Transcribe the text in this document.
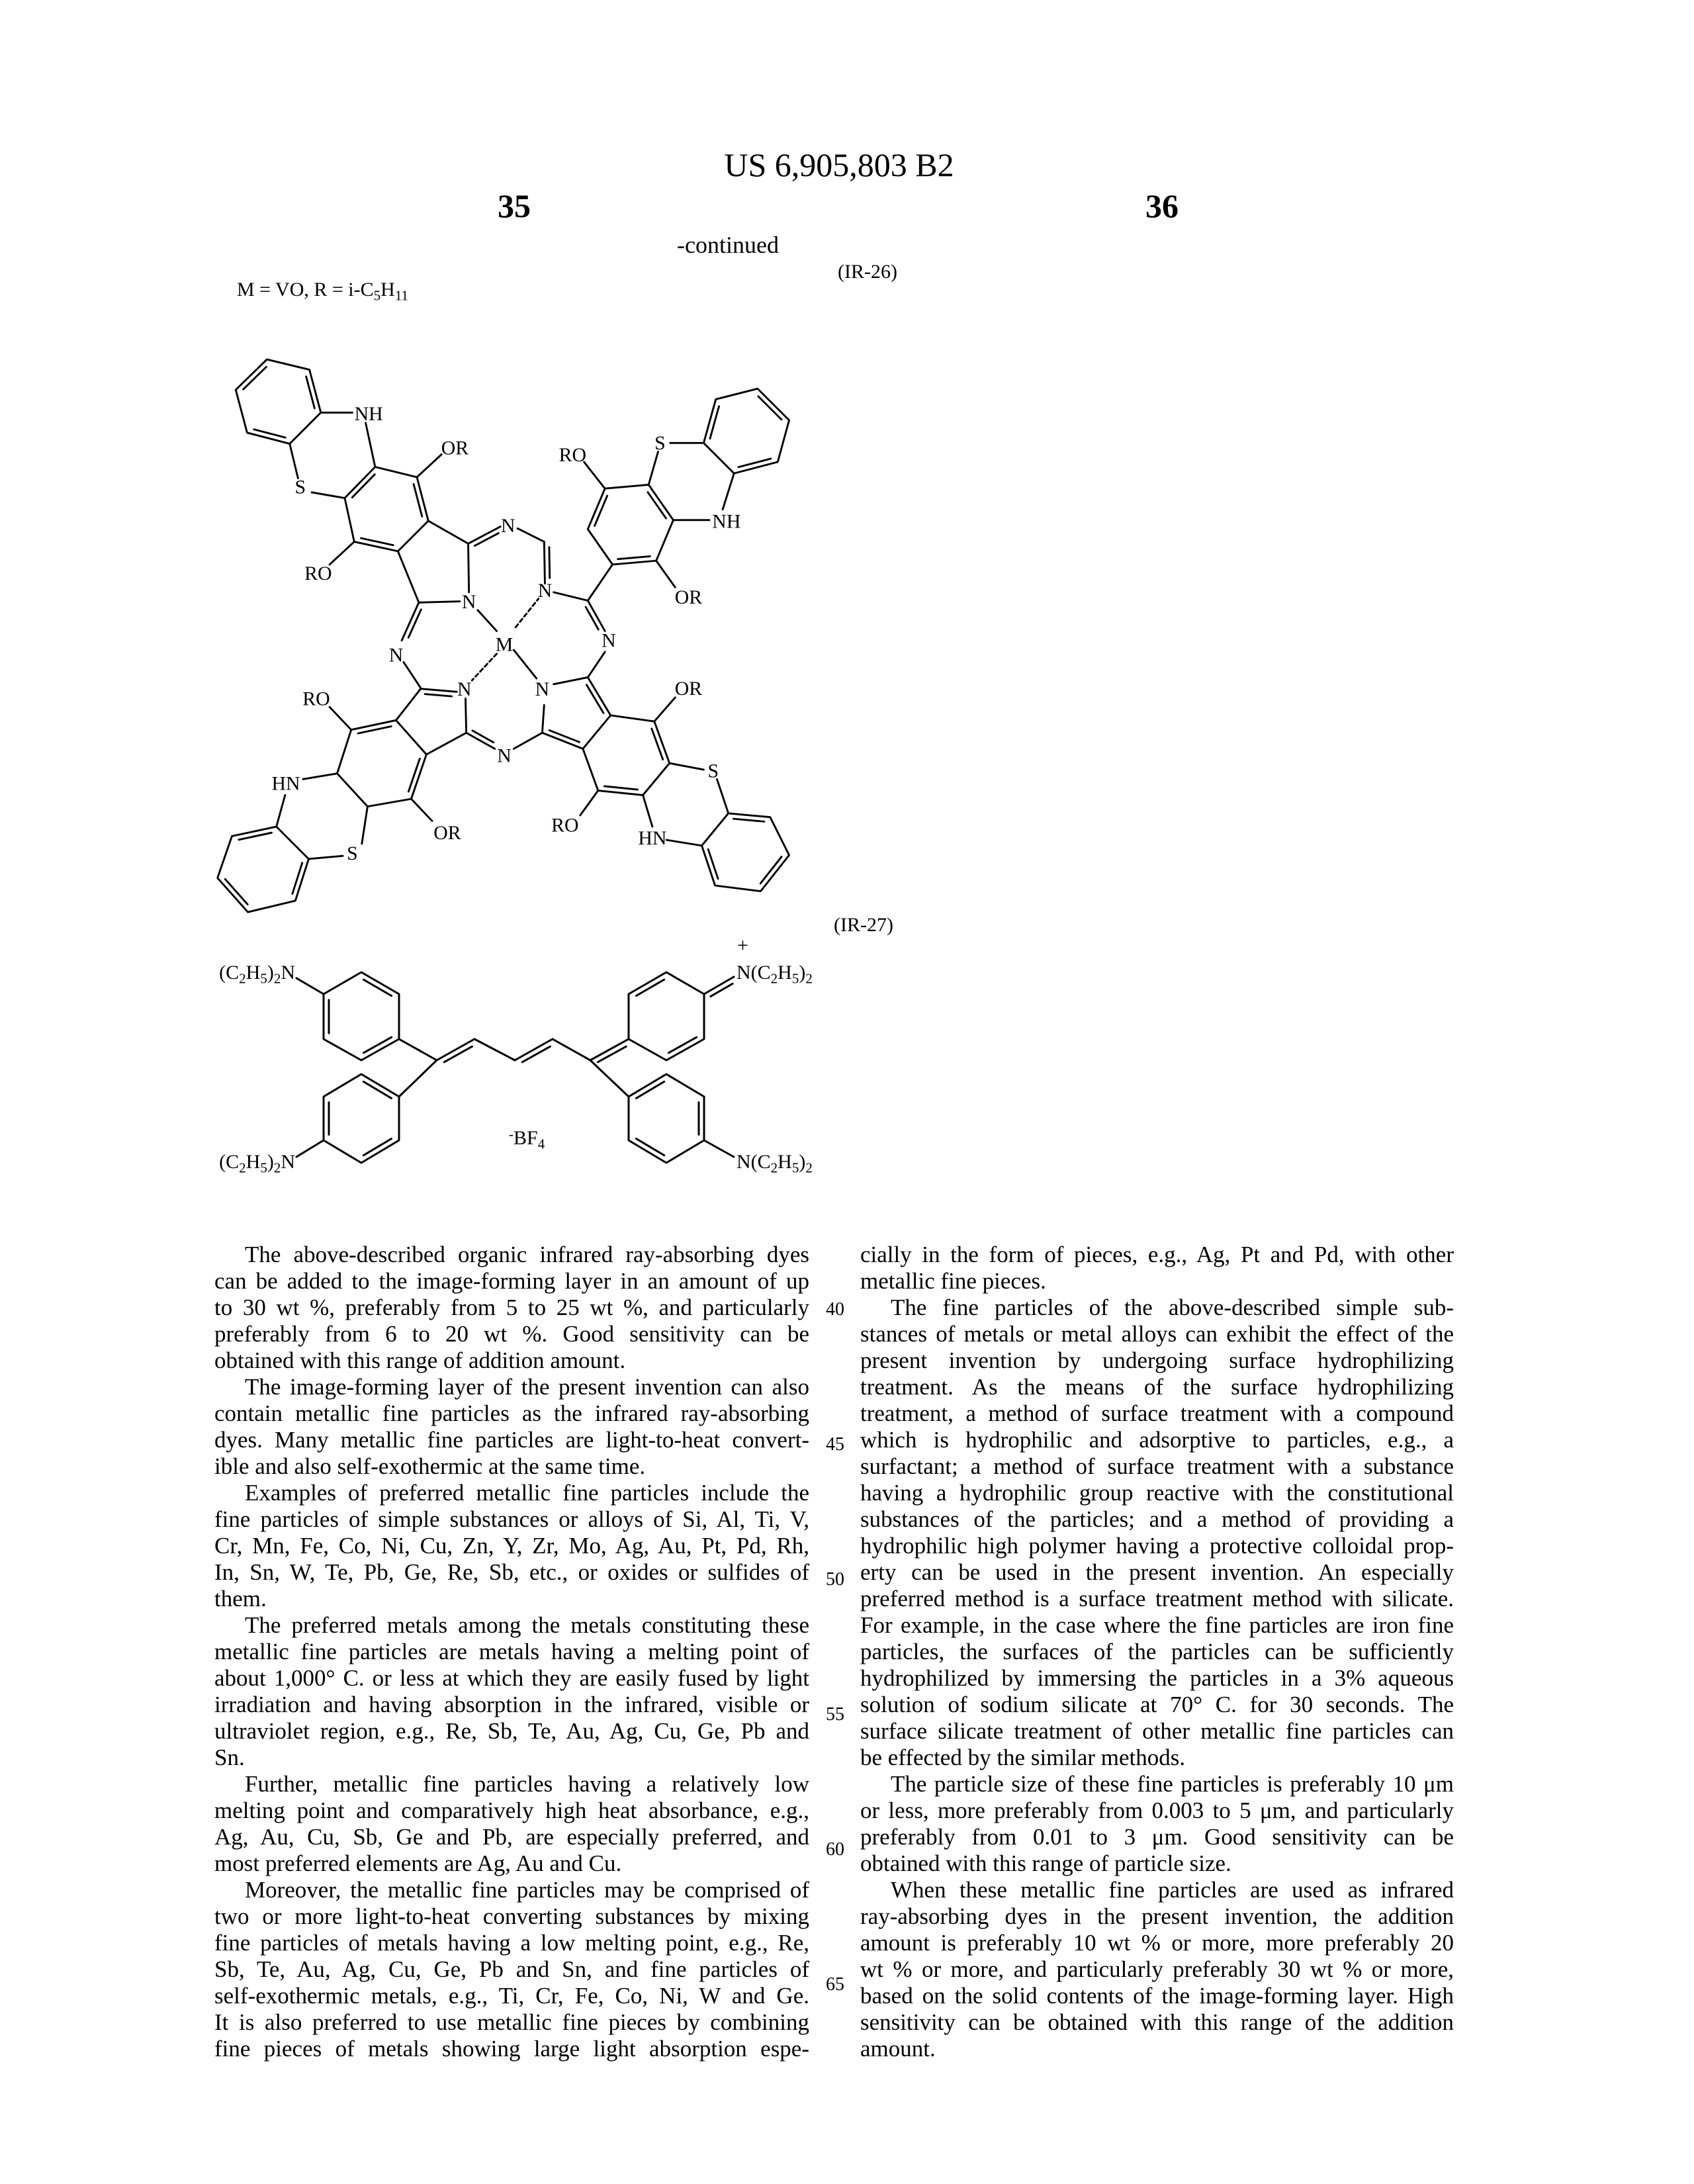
US 6,905,803 B2
35	36
-continued
(IR-26)
M = VO, R = i-C5H11
NH
OR
S
RO
N
N
M
N
RO
S
NH
OR
N
N
OR
S
N
HN
RO
N
N
RO
HN
S
OR
(IR-27)
(C2H5)2N
(C2H5)2N
N(C2H5)2
N(C2H5)2
+
-BF4
The above-described organic infrared ray-absorbing dyes
can be added to the image-forming layer in an amount of up
to 30 wt %, preferably from 5 to 25 wt %, and particularly
preferably from 6 to 20 wt %. Good sensitivity can be
obtained with this range of addition amount.
The image-forming layer of the present invention can also
contain metallic fine particles as the infrared ray-absorbing
dyes. Many metallic fine particles are light-to-heat convert-
ible and also self-exothermic at the same time.
Examples of preferred metallic fine particles include the
fine particles of simple substances or alloys of Si, Al, Ti, V,
Cr, Mn, Fe, Co, Ni, Cu, Zn, Y, Zr, Mo, Ag, Au, Pt, Pd, Rh,
In, Sn, W, Te, Pb, Ge, Re, Sb, etc., or oxides or sulfides of
them.
The preferred metals among the metals constituting these
metallic fine particles are metals having a melting point of
about 1,000° C. or less at which they are easily fused by light
irradiation and having absorption in the infrared, visible or
ultraviolet region, e.g., Re, Sb, Te, Au, Ag, Cu, Ge, Pb and
Sn.
Further, metallic fine particles having a relatively low
melting point and comparatively high heat absorbance, e.g.,
Ag, Au, Cu, Sb, Ge and Pb, are especially preferred, and
most preferred elements are Ag, Au and Cu.
Moreover, the metallic fine particles may be comprised of
two or more light-to-heat converting substances by mixing
fine particles of metals having a low melting point, e.g., Re,
Sb, Te, Au, Ag, Cu, Ge, Pb and Sn, and fine particles of
self-exothermic metals, e.g., Ti, Cr, Fe, Co, Ni, W and Ge.
It is also preferred to use metallic fine pieces by combining
fine pieces of metals showing large light absorption espe-
cially in the form of pieces, e.g., Ag, Pt and Pd, with other
metallic fine pieces.
The fine particles of the above-described simple sub-
stances of metals or metal alloys can exhibit the effect of the
present invention by undergoing surface hydrophilizing
treatment. As the means of the surface hydrophilizing
treatment, a method of surface treatment with a compound
which is hydrophilic and adsorptive to particles, e.g., a
surfactant; a method of surface treatment with a substance
having a hydrophilic group reactive with the constitutional
substances of the particles; and a method of providing a
hydrophilic high polymer having a protective colloidal prop-
erty can be used in the present invention. An especially
preferred method is a surface treatment method with silicate.
For example, in the case where the fine particles are iron fine
particles, the surfaces of the particles can be sufficiently
hydrophilized by immersing the particles in a 3% aqueous
solution of sodium silicate at 70° C. for 30 seconds. The
surface silicate treatment of other metallic fine particles can
be effected by the similar methods.
The particle size of these fine particles is preferably 10 μm
or less, more preferably from 0.003 to 5 μm, and particularly
preferably from 0.01 to 3 μm. Good sensitivity can be
obtained with this range of particle size.
When these metallic fine particles are used as infrared
ray-absorbing dyes in the present invention, the addition
amount is preferably 10 wt % or more, more preferably 20
wt % or more, and particularly preferably 30 wt % or more,
based on the solid contents of the image-forming layer. High
sensitivity can be obtained with this range of the addition
amount.
40
45
50
55
60
65
